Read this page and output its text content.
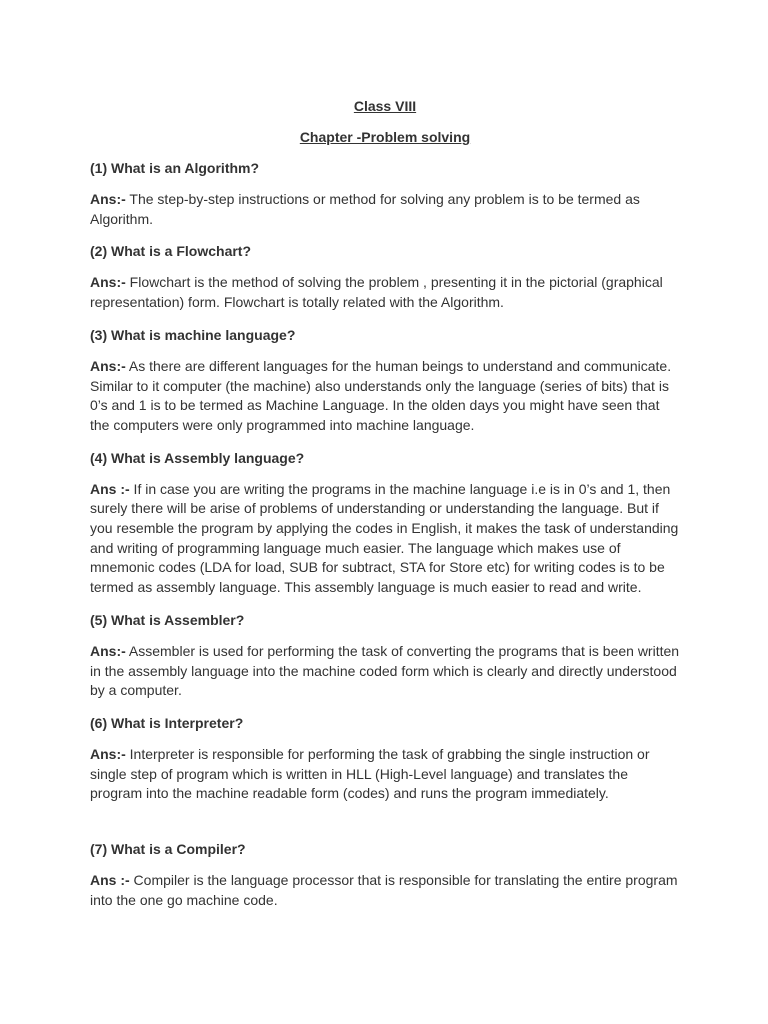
Class VIII

Chapter -Problem solving

(1) What is an Algorithm?

Ans:- The step-by-step instructions or method for solving any problem is to be termed as Algorithm.

(2) What is a Flowchart?

Ans:- Flowchart is the method of solving the problem , presenting it in the pictorial (graphical representation) form. Flowchart is totally related with the Algorithm.

(3) What is machine language?

Ans:- As there are different languages for the human beings to understand and communicate. Similar to it computer (the machine) also understands only the language (series of bits) that is 0’s and 1 is to be termed as Machine Language. In the olden days you might have seen that the computers were only programmed into machine language.

(4) What is Assembly language?

Ans :- If in case you are writing the programs in the machine language i.e is in 0’s and 1, then surely there will be arise of problems of understanding or understanding the language. But if you resemble the program by applying the codes in English, it makes the task of understanding and writing of programming language much easier. The language which makes use of mnemonic codes (LDA for load, SUB for subtract, STA for Store etc) for writing codes is to be termed as assembly language. This assembly language is much easier to read and write.

(5) What is Assembler?

Ans:- Assembler is used for performing the task of converting the programs that is been written in the assembly language into the machine coded form which is clearly and directly understood by a computer.

(6) What is Interpreter?

Ans:- Interpreter is responsible for performing the task of grabbing the single instruction or single step of program which is written in HLL (High-Level language) and translates the program into the machine readable form (codes) and runs the program immediately.

(7) What is a Compiler?

Ans :- Compiler is the language processor that is responsible for translating the entire program into the one go machine code.
